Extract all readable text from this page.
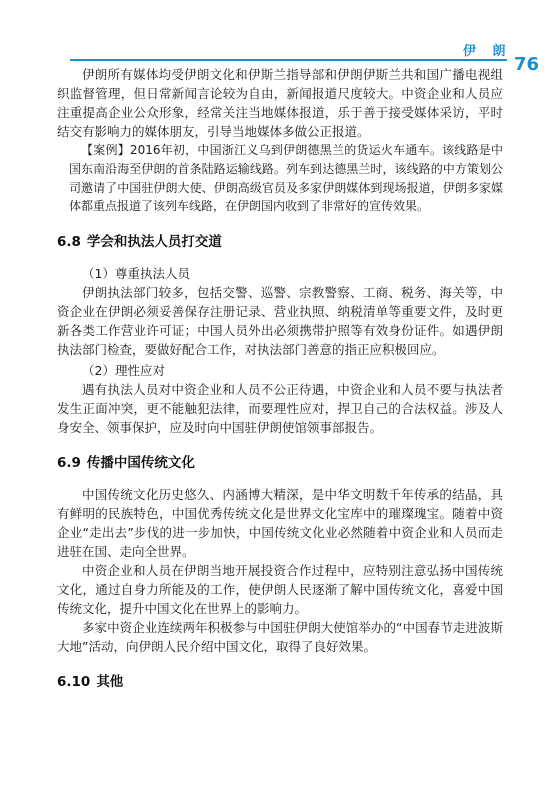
伊 朗
76

伊朗所有媒体均受伊朗文化和伊斯兰指导部和伊朗伊斯兰共和国广播电视组织监督管理，但日常新闻言论较为自由，新闻报道尺度较大。中资企业和人员应注重提高企业公众形象，经常关注当地媒体报道，乐于善于接受媒体采访，平时结交有影响力的媒体朋友，引导当地媒体多做公正报道。

【案例】2016年初，中国浙江义乌到伊朗德黑兰的货运火车通车。该线路是中国东南沿海至伊朗的首条陆路运输线路。列车到达德黑兰时，该线路的中方策划公司邀请了中国驻伊朗大使、伊朗高级官员及多家伊朗媒体到现场报道，伊朗多家媒体都重点报道了该列车线路，在伊朗国内收到了非常好的宣传效果。

6.8 学会和执法人员打交道

（1）尊重执法人员

伊朗执法部门较多，包括交警、巡警、宗教警察、工商、税务、海关等，中资企业在伊朗必须妥善保存注册记录、营业执照、纳税清单等重要文件，及时更新各类工作营业许可证；中国人员外出必须携带护照等有效身份证件。如遇伊朗执法部门检查，要做好配合工作，对执法部门善意的指正应积极回应。

（2）理性应对

遇有执法人员对中资企业和人员不公正待遇，中资企业和人员不要与执法者发生正面冲突，更不能触犯法律，而要理性应对，捍卫自己的合法权益。涉及人身安全、领事保护，应及时向中国驻伊朗使馆领事部报告。

6.9 传播中国传统文化

中国传统文化历史悠久、内涵博大精深，是中华文明数千年传承的结晶，具有鲜明的民族特色，中国优秀传统文化是世界文化宝库中的璀璨瑰宝。随着中资企业“走出去”步伐的进一步加快，中国传统文化业必然随着中资企业和人员而走进驻在国、走向全世界。

中资企业和人员在伊朗当地开展投资合作过程中，应特别注意弘扬中国传统文化，通过自身力所能及的工作，使伊朗人民逐渐了解中国传统文化，喜爱中国传统文化，提升中国文化在世界上的影响力。

多家中资企业连续两年积极参与中国驻伊朗大使馆举办的“中国春节走进波斯大地”活动，向伊朗人民介绍中国文化，取得了良好效果。

6.10 其他
